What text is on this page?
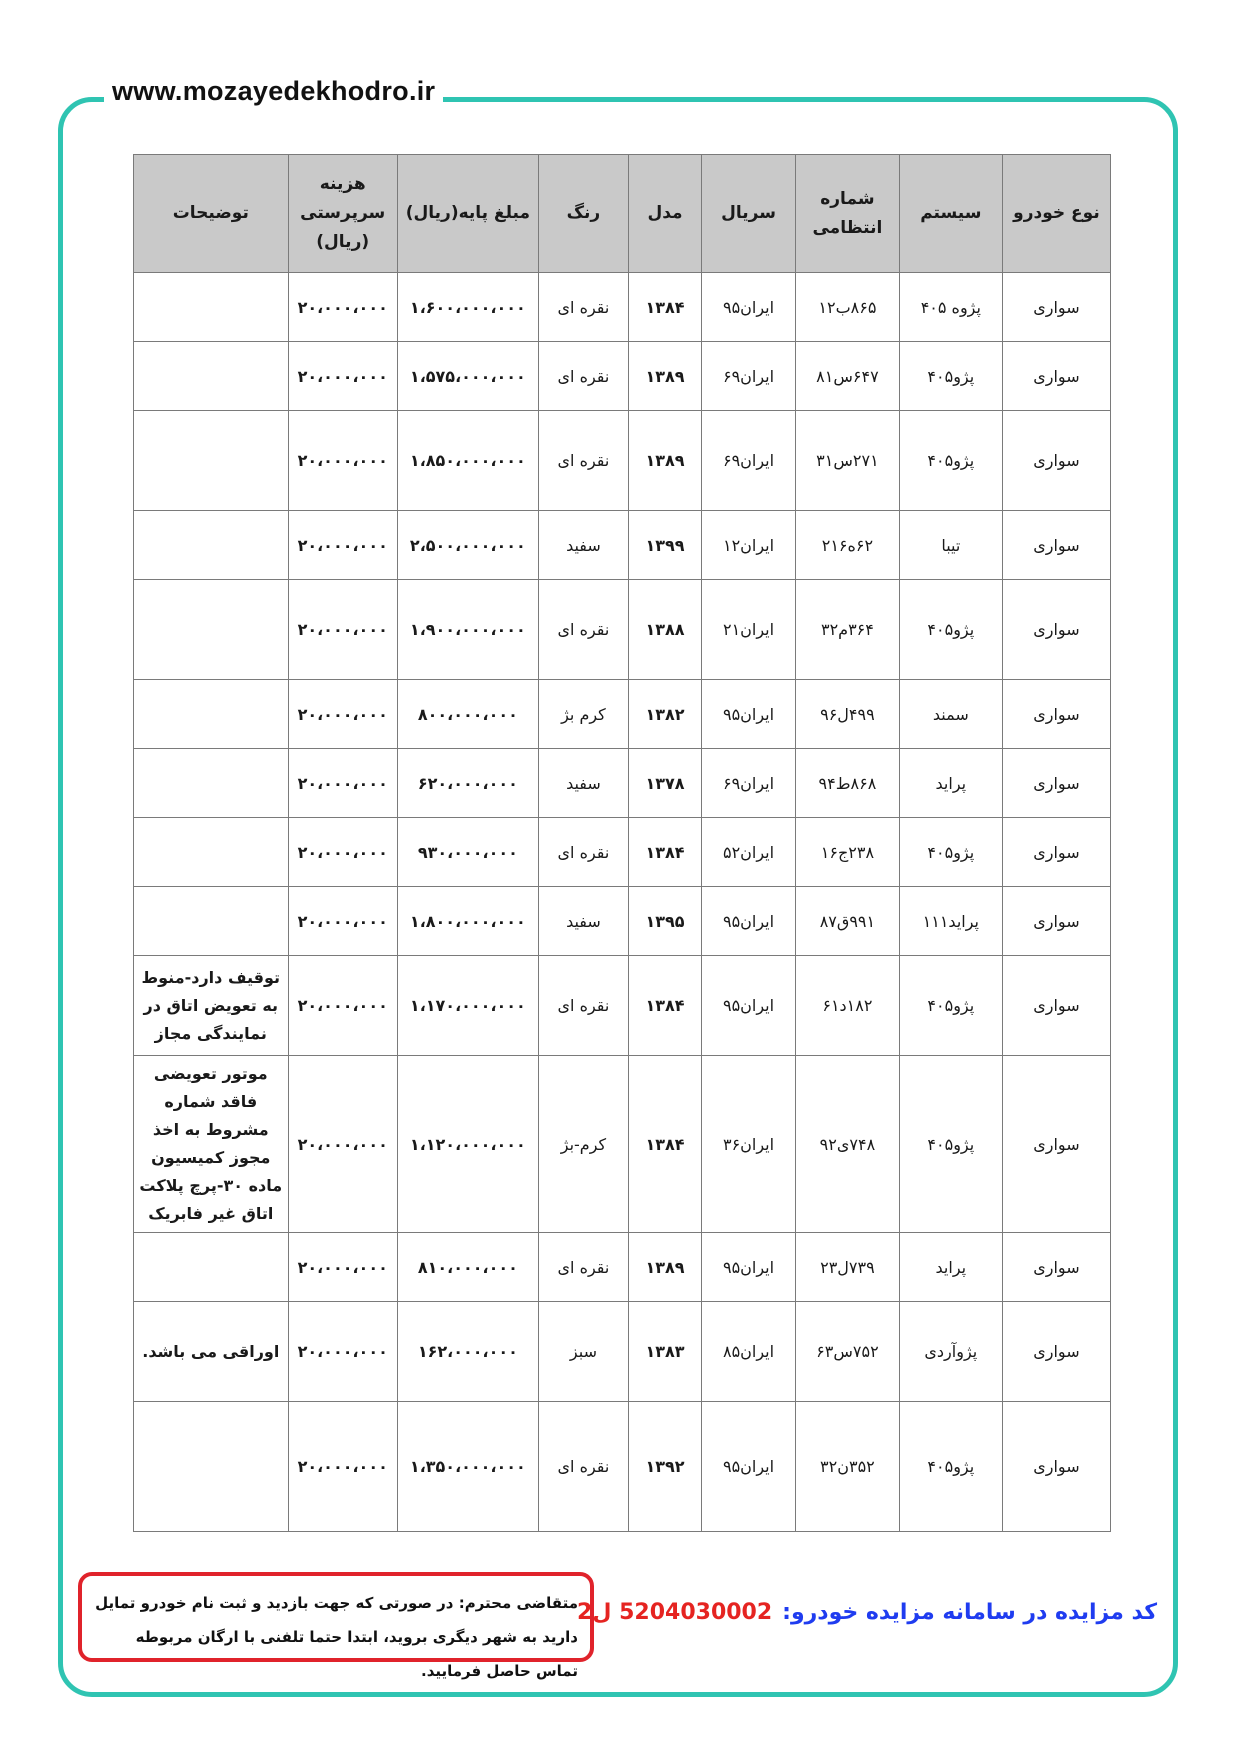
www.mozayedekhodro.ir
نوع خودرو	سیستم	شماره انتظامی	سریال	مدل	رنگ	مبلغ پایه(ریال)	هزینه سرپرستی (ریال)	توضیحات
سواری	پژوه ۴۰۵	۸۶۵ب۱۲	ایران۹۵	۱۳۸۴	نقره ای	۱،۶۰۰،۰۰۰،۰۰۰	۲۰،۰۰۰،۰۰۰	
سواری	پژو۴۰۵	۶۴۷س۸۱	ایران۶۹	۱۳۸۹	نقره ای	۱،۵۷۵،۰۰۰،۰۰۰	۲۰،۰۰۰،۰۰۰	
سواری	پژو۴۰۵	۲۷۱س۳۱	ایران۶۹	۱۳۸۹	نقره ای	۱،۸۵۰،۰۰۰،۰۰۰	۲۰،۰۰۰،۰۰۰	
سواری	تیبا	۶۲ه۲۱۶	ایران۱۲	۱۳۹۹	سفید	۲،۵۰۰،۰۰۰،۰۰۰	۲۰،۰۰۰،۰۰۰	
سواری	پژو۴۰۵	۳۶۴م۳۲	ایران۲۱	۱۳۸۸	نقره ای	۱،۹۰۰،۰۰۰،۰۰۰	۲۰،۰۰۰،۰۰۰	
سواری	سمند	۴۹۹ل۹۶	ایران۹۵	۱۳۸۲	کرم بژ	۸۰۰،۰۰۰،۰۰۰	۲۰،۰۰۰،۰۰۰	
سواری	پراید	۸۶۸ط۹۴	ایران۶۹	۱۳۷۸	سفید	۶۲۰،۰۰۰،۰۰۰	۲۰،۰۰۰،۰۰۰	
سواری	پژو۴۰۵	۲۳۸ج۱۶	ایران۵۲	۱۳۸۴	نقره ای	۹۳۰،۰۰۰،۰۰۰	۲۰،۰۰۰،۰۰۰	
سواری	پراید۱۱۱	۹۹۱ق۸۷	ایران۹۵	۱۳۹۵	سفید	۱،۸۰۰،۰۰۰،۰۰۰	۲۰،۰۰۰،۰۰۰	
سواری	پژو۴۰۵	۱۸۲د۶۱	ایران۹۵	۱۳۸۴	نقره ای	۱،۱۷۰،۰۰۰،۰۰۰	۲۰،۰۰۰،۰۰۰	توقیف دارد-منوط به تعویض اتاق در نمایندگی مجاز
سواری	پژو۴۰۵	۷۴۸ی۹۲	ایران۳۶	۱۳۸۴	کرم-بژ	۱،۱۲۰،۰۰۰،۰۰۰	۲۰،۰۰۰،۰۰۰	موتور تعویضی فاقد شماره مشروط به اخذ مجوز کمیسیون ماده ۳۰-پرچ پلاکت اتاق غیر فابریک
سواری	پراید	۷۳۹ل۲۳	ایران۹۵	۱۳۸۹	نقره ای	۸۱۰،۰۰۰،۰۰۰	۲۰،۰۰۰،۰۰۰	
سواری	پژوآردی	۷۵۲س۶۳	ایران۸۵	۱۳۸۳	سبز	۱۶۲،۰۰۰،۰۰۰	۲۰،۰۰۰،۰۰۰	اوراقی می باشد.
سواری	پژو۴۰۵	۳۵۲ن۳۲	ایران۹۵	۱۳۹۲	نقره ای	۱،۳۵۰،۰۰۰،۰۰۰	۲۰،۰۰۰،۰۰۰	
کد مزایده در سامانه مزایده خودرو:5204030002 ل2
متقاضی محترم: در صورتی که جهت بازدید و ثبت نام خودرو تمایل دارید به شهر دیگری بروید، ابتدا حتما تلفنی با ارگان مربوطه تماس حاصل فرمایید.
